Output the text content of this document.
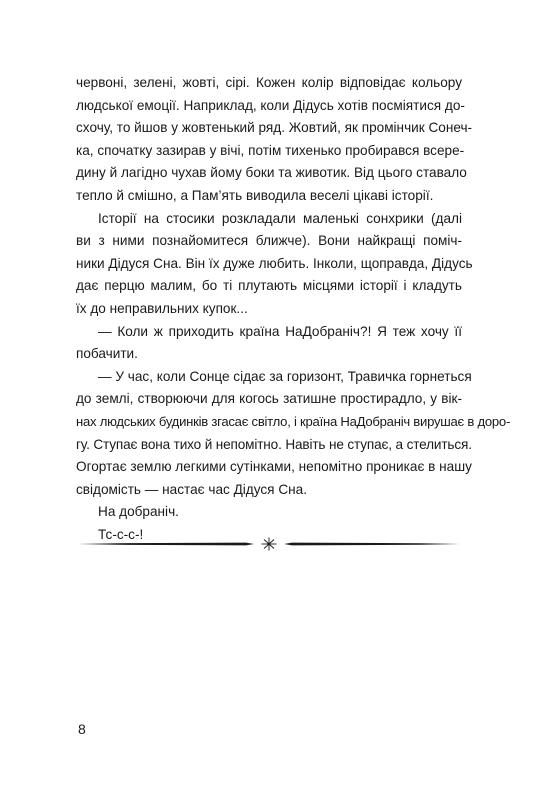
червоні, зелені, жовті, сірі. Кожен колір відповідає кольору
людської емоції. Наприклад, коли Дідусь хотів посміятися до-
схочу, то йшов у жовтенький ряд. Жовтий, як промінчик Сонеч-
ка, спочатку зазирав у вічі, потім тихенько пробирався всере-
дину й лагідно чухав йому боки та животик. Від цього ставало
тепло й смішно, а Пам’ять виводила веселі цікаві історії.

Історії на стосики розкладали маленькі сонхрики (далі
ви з ними познайомитеся ближче). Вони найкращі поміч-
ники Дідуся Сна. Він їх дуже любить. Інколи, щоправда, Дідусь
дає перцю малим, бо ті плутають місцями історії і кладуть
їх до неправильних купок...

— Коли ж приходить країна НаДобраніч?! Я теж хочу її
побачити.

— У час, коли Сонце сідає за горизонт, Травичка горнеться
до землі, створюючи для когось затишне простирадло, у вік-
нах людських будинків згасає світло, і країна НаДобраніч вирушає в доро-
гу. Ступає вона тихо й непомітно. Навіть не ступає, а стелиться.
Огортає землю легкими сутінками, непомітно проникає в нашу
свідомість — настає час Дідуся Сна.

На добраніч.

Тс-с-с-!

8
